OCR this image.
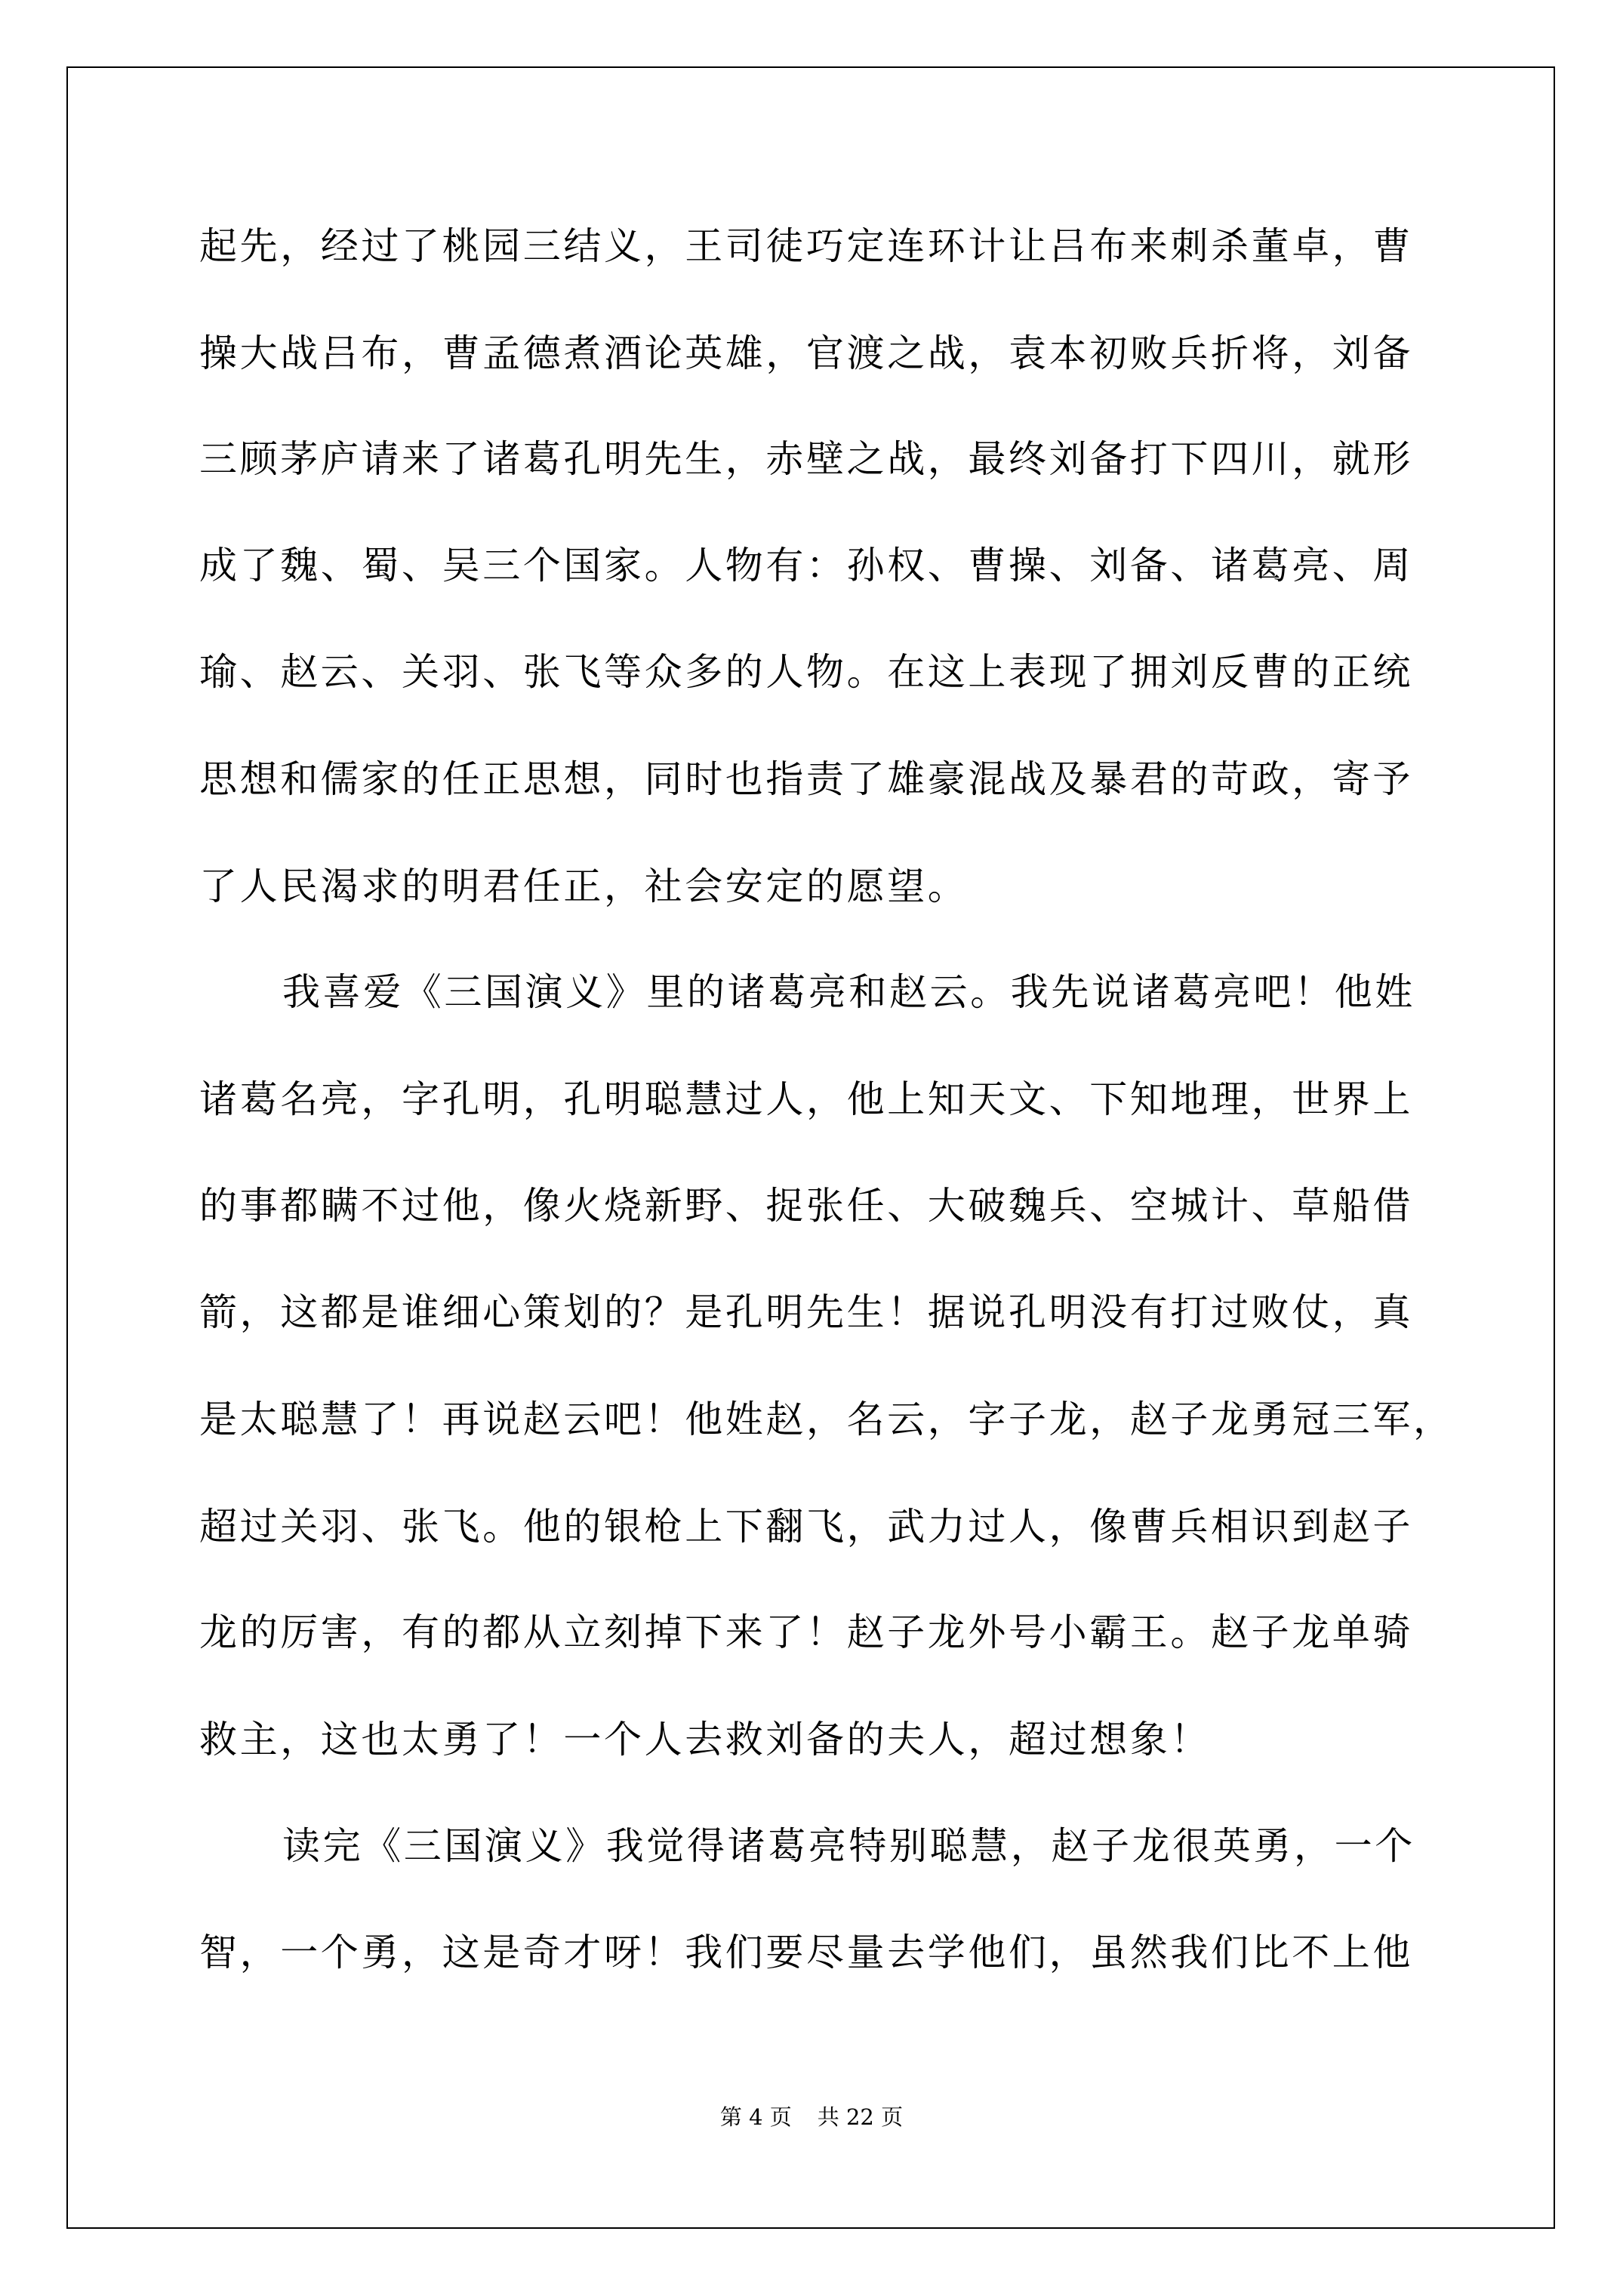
起先，经过了桃园三结义，王司徒巧定连环计让吕布来刺杀董卓，曹
操大战吕布，曹孟德煮酒论英雄，官渡之战，袁本初败兵折将，刘备
三顾茅庐请来了诸葛孔明先生，赤壁之战，最终刘备打下四川，就形
成了魏、蜀、吴三个国家。人物有：孙权、曹操、刘备、诸葛亮、周
瑜、赵云、关羽、张飞等众多的人物。在这上表现了拥刘反曹的正统
思想和儒家的任正思想，同时也指责了雄豪混战及暴君的苛政，寄予
了人民渴求的明君任正，社会安定的愿望。
我喜爱《三国演义》里的诸葛亮和赵云。我先说诸葛亮吧！他姓
诸葛名亮，字孔明，孔明聪慧过人，他上知天文、下知地理，世界上
的事都瞒不过他，像火烧新野、捉张任、大破魏兵、空城计、草船借
箭，这都是谁细心策划的？是孔明先生！据说孔明没有打过败仗，真
是太聪慧了！再说赵云吧！他姓赵，名云，字子龙，赵子龙勇冠三军，
超过关羽、张飞。他的银枪上下翻飞，武力过人，像曹兵相识到赵子
龙的厉害，有的都从立刻掉下来了！赵子龙外号小霸王。赵子龙单骑
救主，这也太勇了！一个人去救刘备的夫人，超过想象！
读完《三国演义》我觉得诸葛亮特别聪慧，赵子龙很英勇，一个
智，一个勇，这是奇才呀！我们要尽量去学他们，虽然我们比不上他
第 4 页 共 22 页
